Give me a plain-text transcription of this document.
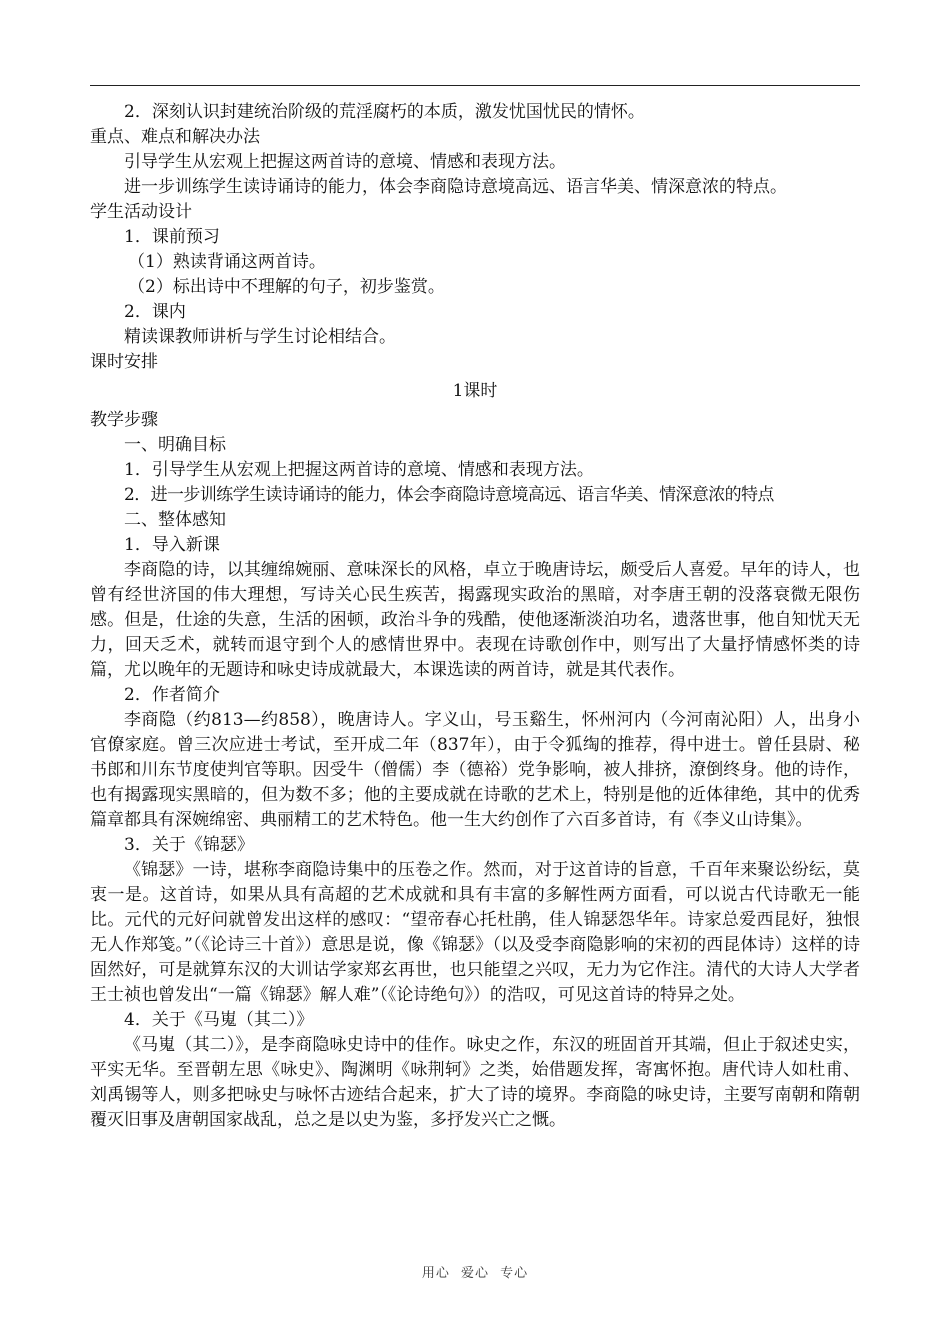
2．深刻认识封建统治阶级的荒淫腐朽的本质，激发忧国忧民的情怀。

重点、难点和解决办法

引导学生从宏观上把握这两首诗的意境、情感和表现方法。

进一步训练学生读诗诵诗的能力，体会李商隐诗意境高远、语言华美、情深意浓的特点。

学生活动设计

1．课前预习

（1）熟读背诵这两首诗。

（2）标出诗中不理解的句子，初步鉴赏。

2．课内

精读课教师讲析与学生讨论相结合。

课时安排

1课时

教学步骤

一、明确目标

1．引导学生从宏观上把握这两首诗的意境、情感和表现方法。

2．进一步训练学生读诗诵诗的能力，体会李商隐诗意境高远、语言华美、情深意浓的特点

二、整体感知

1．导入新课

李商隐的诗，以其缠绵婉丽、意味深长的风格，卓立于晚唐诗坛，颇受后人喜爱。早年的诗人，也曾有经世济国的伟大理想，写诗关心民生疾苦，揭露现实政治的黑暗，对李唐王朝的没落衰微无限伤感。但是，仕途的失意，生活的困顿，政治斗争的残酷，使他逐渐淡泊功名，遗落世事，他自知忧天无力，回天乏术，就转而退守到个人的感情世界中。表现在诗歌创作中，则写出了大量抒情感怀类的诗篇，尤以晚年的无题诗和咏史诗成就最大，本课选读的两首诗，就是其代表作。

2．作者简介

李商隐（约813—约858），晚唐诗人。字义山，号玉谿生，怀州河内（今河南沁阳）人，出身小官僚家庭。曾三次应进士考试，至开成二年（837年），由于令狐绹的推荐，得中进士。曾任县尉、秘书郎和川东节度使判官等职。因受牛（僧儒）李（德裕）党争影响，被人排挤，潦倒终身。他的诗作，也有揭露现实黑暗的，但为数不多；他的主要成就在诗歌的艺术上，特别是他的近体律绝，其中的优秀篇章都具有深婉绵密、典丽精工的艺术特色。他一生大约创作了六百多首诗，有《李义山诗集》。

3．关于《锦瑟》

《锦瑟》一诗，堪称李商隐诗集中的压卷之作。然而，对于这首诗的旨意，千百年来聚讼纷纭，莫衷一是。这首诗，如果从具有高超的艺术成就和具有丰富的多解性两方面看，可以说古代诗歌无一能比。元代的元好问就曾发出这样的感叹：“望帝春心托杜鹃，佳人锦瑟怨华年。诗家总爱西昆好，独恨无人作郑笺。”（《论诗三十首》）意思是说，像《锦瑟》（以及受李商隐影响的宋初的西昆体诗）这样的诗固然好，可是就算东汉的大训诂学家郑玄再世，也只能望之兴叹，无力为它作注。清代的大诗人大学者王士祯也曾发出“一篇《锦瑟》解人难”（《论诗绝句》）的浩叹，可见这首诗的特异之处。

4．关于《马嵬（其二）》

《马嵬（其二）》，是李商隐咏史诗中的佳作。咏史之作，东汉的班固首开其端，但止于叙述史实，平实无华。至晋朝左思《咏史》、陶渊明《咏荆轲》之类，始借题发挥，寄寓怀抱。唐代诗人如杜甫、刘禹锡等人，则多把咏史与咏怀古迹结合起来，扩大了诗的境界。李商隐的咏史诗，主要写南朝和隋朝覆灭旧事及唐朝国家战乱，总之是以史为鉴，多抒发兴亡之慨。

用心 爱心 专心
